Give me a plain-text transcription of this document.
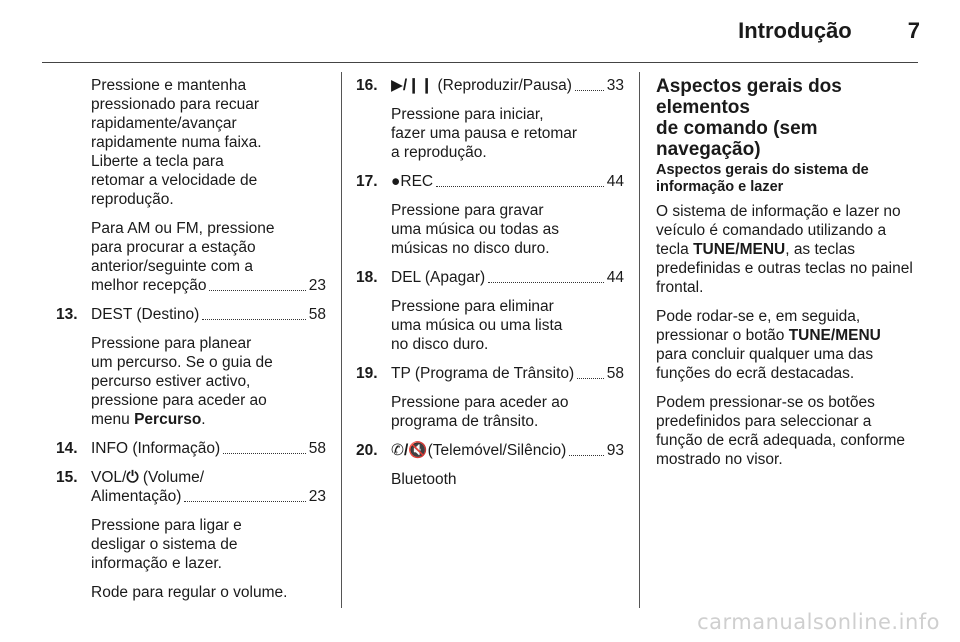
Introdução	7
Pressione e mantenha
pressionado para recuar
rapidamente/avançar
rapidamente numa faixa.
Liberte a tecla para
retomar a velocidade de
reprodução.
Para AM ou FM, pressione
para procurar a estação
anterior/seguinte com a
melhor recepção	23
13. DEST (Destino)	58
Pressione para planear
um percurso. Se o guia de
percurso estiver activo,
pressione para aceder ao
menu Percurso.
14. INFO (Informação)	58
15. VOL/⏻ (Volume/
Alimentação)	23
Pressione para ligar e
desligar o sistema de
informação e lazer.
Rode para regular o volume.
16. ▶/❙❙ (Reproduzir/Pausa) 33
Pressione para iniciar,
fazer uma pausa e retomar
a reprodução.
17. ●REC	44
Pressione para gravar
uma música ou todas as
músicas no disco duro.
18. DEL (Apagar)	44
Pressione para eliminar
uma música ou uma lista
no disco duro.
19. TP (Programa de Trânsito) 58
Pressione para aceder ao
programa de trânsito.
20. ✆/🔇(Telemóvel/Silêncio)	93
Bluetooth
Aspectos gerais dos elementos
de comando (sem navegação)
Aspectos gerais do sistema de
informação e lazer
O sistema de informação e lazer no
veículo é comandado utilizando a
tecla TUNE/MENU, as teclas
predefinidas e outras teclas no painel
frontal.
Pode rodar-se e, em seguida,
pressionar o botão TUNE/MENU
para concluir qualquer uma das
funções do ecrã destacadas.
Podem pressionar-se os botões
predefinidos para seleccionar a
função de ecrã adequada, conforme
mostrado no visor.
carmanualsonline.info
